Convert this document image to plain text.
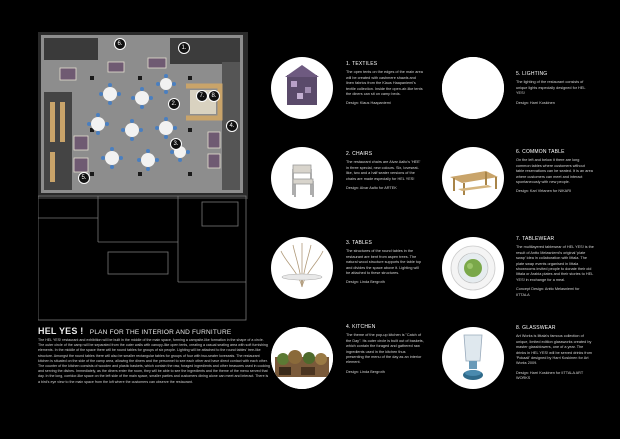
6.
1.
2.
3.
4.
5.
7.	8.
HEL YES ! PLAN FOR THE INTERIOR AND FURNITURE
The HEL YES! restaurant and exhibition will be built in the middle of the main space, forming a campsite-like formation in the shape of a circle. The outer circle of the camp will be separated from the outer walls with canopy-like open tents, creating a casual seating area with soft furnishing elements. In the middle of the space there will be round tables for groups of six people. Lighting will be attached to the round tables' tree-like structure. Amongst the round tables there will also be smaller rectangular tables for groups of four with two-seater loveseats. The restaurant kitchen is situated on the side of the camp area, allowing the diners and the personnel to see each other and have direct contact with each other. The counter of the kitchen consists of wooden and plastic baskets, which contain the raw, foraged ingredients and other treasures used in cooking and serving the dishes. Immediately, as the diners enter the room, they will be able to see the ingredients and the theme of the menu served that day. In the long, corridor-like space on the left side of the main space, smaller parties and customers dining alone can meet and interact. There is a bird's eye view to the main space from the loft where the customers can observe the restaurant.
1. TEXTILES
The open tents on the edges of the main area will be created with cashmere shawls and linen fabrics from the Klaus Haapaniemi's textile collection. Inside the open-air-like tents the diners can sit on camp beds.
Design: Klaus Haapaniemi
5. LIGHTING
The lighting of the restaurant consists of unique lights especially designed for HEL YES!
Design: Harri Koskinen
2. CHAIRS
The restaurant chairs are Alvar Aalto's 'HEE' in three special, new colours. Six, loveseat-like, two and a half seater versions of the chairs are made especially for HEL YES!
Design: Alvar Aalto for ARTEK
6. COMMON TABLE
On the left and below it there are long common tables where customers without table reservations can be seated. It is an area where customers can meet and interact spontaneously with new people.
Design: Kari Virtanen for NIKARI
3. TABLES
The structures of the round tables in the restaurant are bent from aspen trees. The natural wood structure supports the table top and divides the space above it. Lighting will be attached to these structures.
Design: Linda Bergroth
7. TABLEWEAR
The multilayered tablewear of HEL YES! is the result of Antto Melasniemi's original 'plate swap' idea in collaboration with Iittala. The plate swap events organised in Iittala showrooms invited people to donate their old Iittala or Arabia plates and their stories to HEL YES! in exchange for a meal.
Concept Design: Antto Melasniemi for IITTALA
4. KITCHEN
The theme of the pop-up kitchen is "Catch of the Day". Its outer circle is built out of baskets, which contain the foraged and gathered raw ingredients used in the kitchen thus presenting the menu of the day as an interior element.
Design: Linda Bergroth
8. GLASSWEAR
Art Works is Iittala's famous collection of unique, limited edition glassworks created by master glassblowers, one of a year. The drinks in HEL YES! will be served drinks from 'Pokaali' designed by Harri Koskinen for Art Works 2009.
Design: Harri Koskinen for IITTALA ART WORKS
